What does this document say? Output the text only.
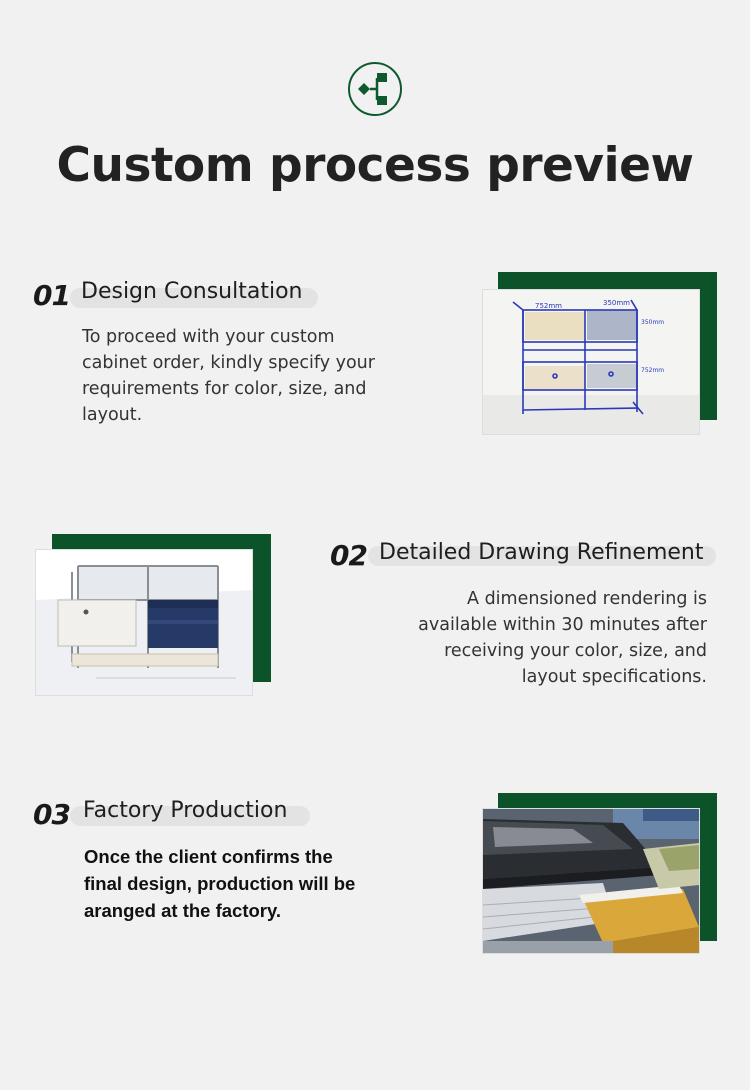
Custom process preview
01 Design Consultation

To proceed with your custom cabinet order, kindly specify your requirements for color, size, and layout.

752mm	350mm
350mm
752mm
02 Detailed Drawing Refinement

A dimensioned rendering is available within 30 minutes after receiving your color, size, and layout specifications.

03 Factory Production

Once the client confirms the final design, production will be aranged at the factory.
